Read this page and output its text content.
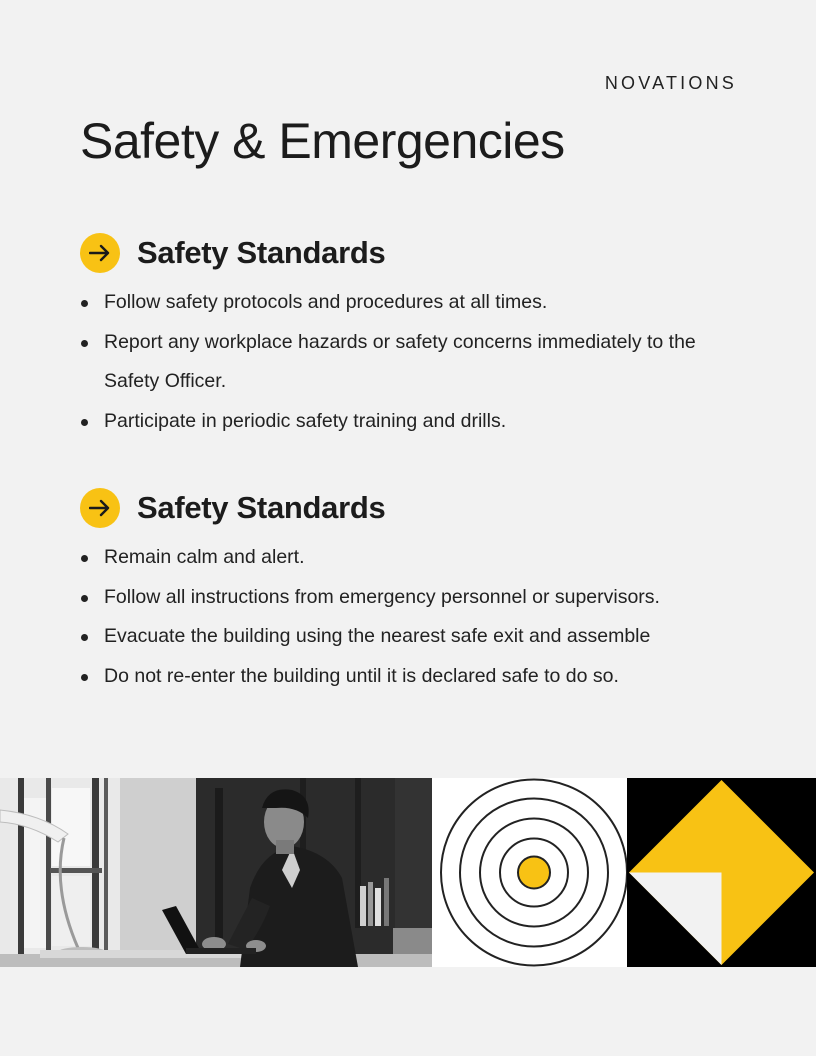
NOVATIONS
Safety & Emergencies
Safety Standards
Follow safety protocols and procedures at all times.
Report any workplace hazards or safety concerns immediately to the Safety Officer.
Participate in periodic safety training and drills.
Safety Standards
Remain calm and alert.
Follow all instructions from emergency personnel or supervisors.
Evacuate the building using the nearest safe exit and assemble
Do not re-enter the building until it is declared safe to do so.
